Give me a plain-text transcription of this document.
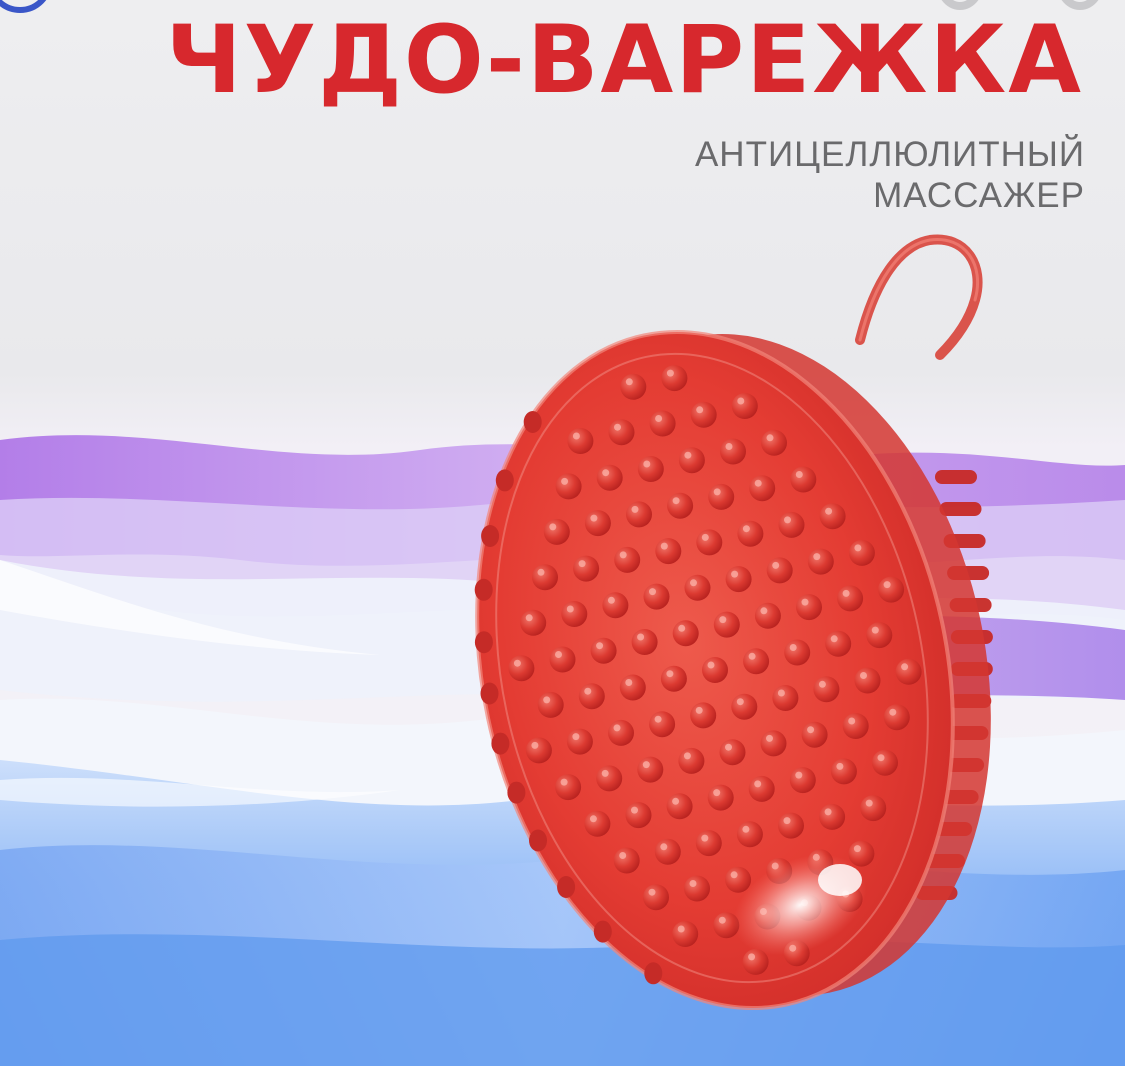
ЧУДО-ВАРЕЖКА
АНТИЦЕЛЛЮЛИТНЫЙ
МАССАЖЕР
